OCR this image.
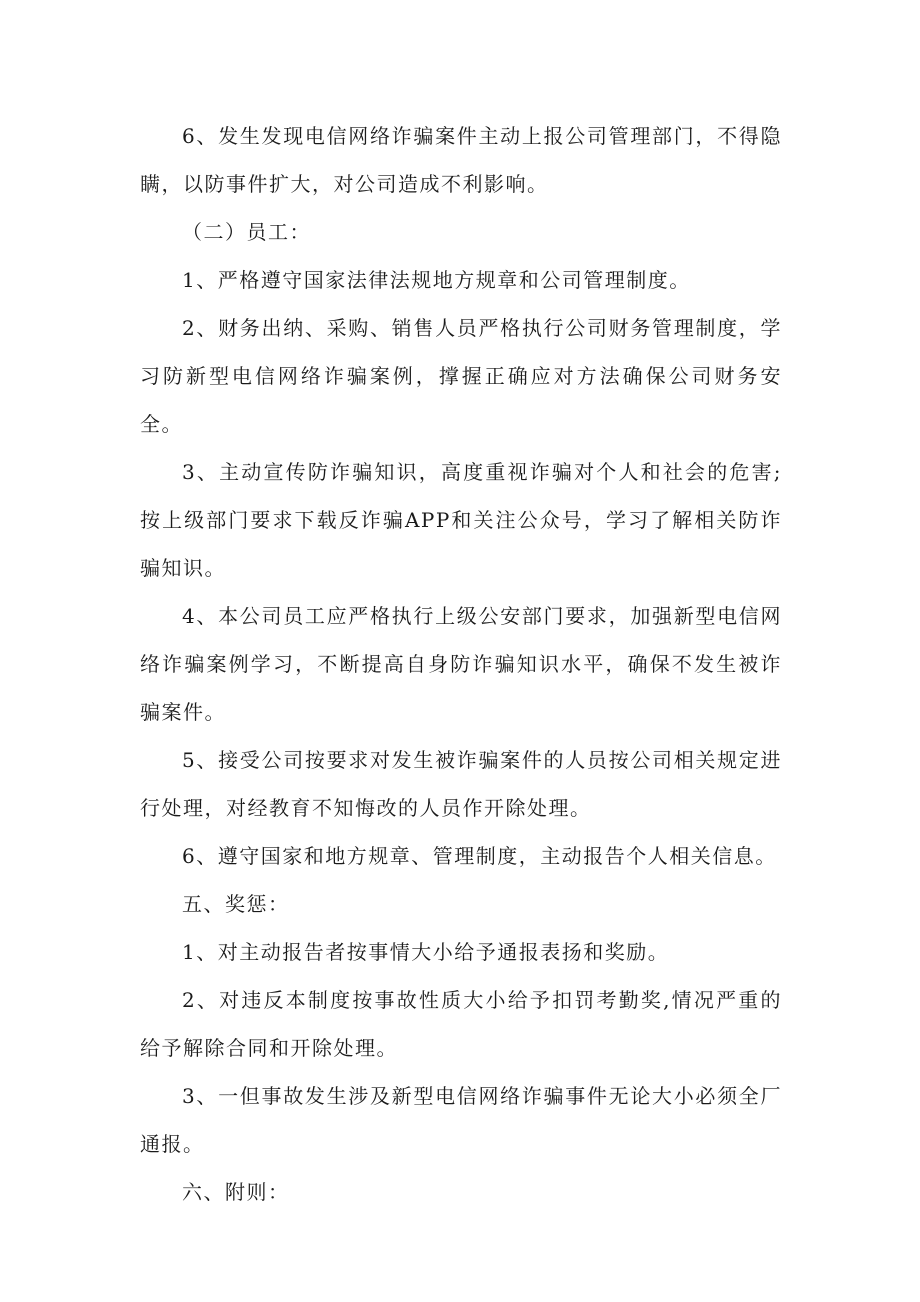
6、发生发现电信网络诈骗案件主动上报公司管理部门，不得隐瞒，以防事件扩大，对公司造成不利影响。

（二）员工：

1、严格遵守国家法律法规地方规章和公司管理制度。

2、财务出纳、采购、销售人员严格执行公司财务管理制度，学习防新型电信网络诈骗案例，撑握正确应对方法确保公司财务安全。

3、主动宣传防诈骗知识，高度重视诈骗对个人和社会的危害;按上级部门要求下载反诈骗APP和关注公众号，学习了解相关防诈骗知识。

4、本公司员工应严格执行上级公安部门要求，加强新型电信网络诈骗案例学习，不断提高自身防诈骗知识水平，确保不发生被诈骗案件。

5、接受公司按要求对发生被诈骗案件的人员按公司相关规定进行处理，对经教育不知悔改的人员作开除处理。

6、遵守国家和地方规章、管理制度，主动报告个人相关信息。

五、奖惩：

1、对主动报告者按事情大小给予通报表扬和奖励。

2、对违反本制度按事故性质大小给予扣罚考勤奖,情况严重的给予解除合同和开除处理。

3、一但事故发生涉及新型电信网络诈骗事件无论大小必须全厂通报。

六、附则：
